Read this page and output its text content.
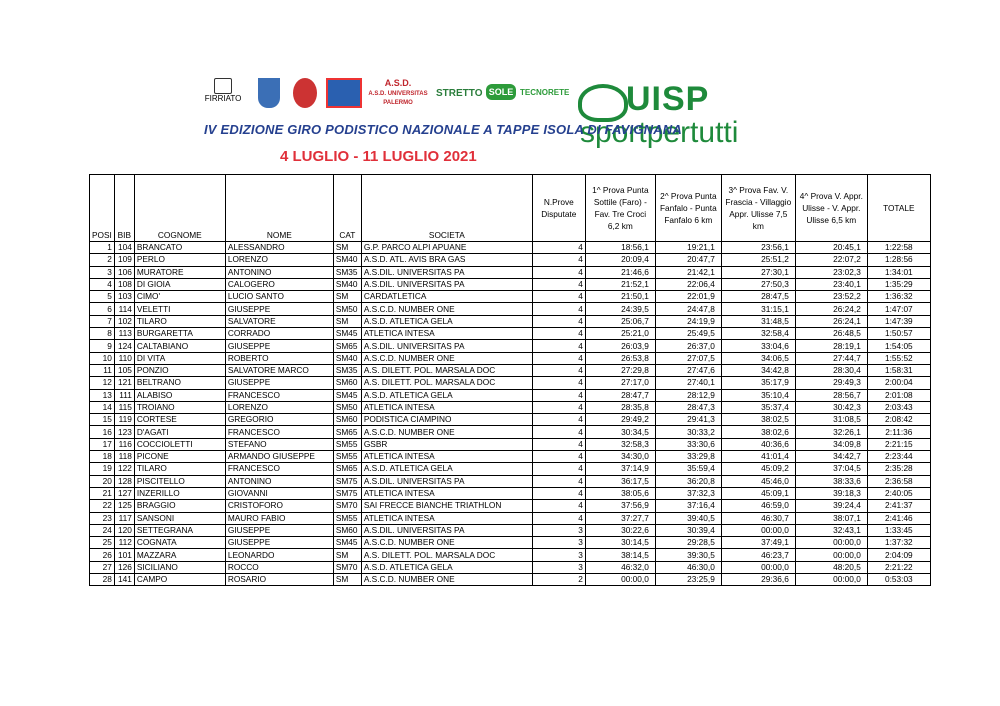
FIRRIATO
A.S.D.
A.S.D. UNIVERSITAS PALERMO
STRETTO SOLE TECNORETE UISP
sportpertutti
IV EDIZIONE GIRO PODISTICO NAZIONALE A TAPPE ISOLA DI FAVIGNANA
4 LUGLIO - 11 LUGLIO 2021
POSI	BIB	COGNOME	NOME	CAT	SOCIETA	N.Prove Disputate	1^ Prova Punta Sottile (Faro) - Fav. Tre Croci 6,2 km	2^ Prova Punta Fanfalo - Punta Fanfalo 6 km	3^ Prova Fav. V. Frascia - Villaggio Appr. Ulisse 7,5 km	4^ Prova V. Appr. Ulisse - V. Appr. Ulisse 6,5 km	TOTALE
1	104	BRANCATO	ALESSANDRO	SM	G.P. PARCO ALPI APUANE	4	18:56,1	19:21,1	23:56,1	20:45,1	1:22:58
2	109	PERLO	LORENZO	SM40	A.S.D. ATL. AVIS BRA GAS	4	20:09,4	20:47,7	25:51,2	22:07,2	1:28:56
3	106	MURATORE	ANTONINO	SM35	A.S.DIL. UNIVERSITAS PA	4	21:46,6	21:42,1	27:30,1	23:02,3	1:34:01
4	108	DI GIOIA	CALOGERO	SM40	A.S.DIL. UNIVERSITAS PA	4	21:52,1	22:06,4	27:50,3	23:40,1	1:35:29
5	103	CIMO'	LUCIO SANTO	SM	CARDATLETICA	4	21:50,1	22:01,9	28:47,5	23:52,2	1:36:32
6	114	VELETTI	GIUSEPPE	SM50	A.S.C.D. NUMBER ONE	4	24:39,5	24:47,8	31:15,1	26:24,2	1:47:07
7	102	TILARO	SALVATORE	SM	A.S.D. ATLETICA GELA	4	25:06,7	24:19,9	31:48,5	26:24,1	1:47:39
8	113	BURGARETTA	CORRADO	SM45	ATLETICA INTESA	4	25:21,0	25:49,5	32:58,4	26:48,5	1:50:57
9	124	CALTABIANO	GIUSEPPE	SM65	A.S.DIL. UNIVERSITAS PA	4	26:03,9	26:37,0	33:04,6	28:19,1	1:54:05
10	110	DI VITA	ROBERTO	SM40	A.S.C.D. NUMBER ONE	4	26:53,8	27:07,5	34:06,5	27:44,7	1:55:52
11	105	PONZIO	SALVATORE MARCO	SM35	A.S. DILETT. POL. MARSALA DOC	4	27:29,8	27:47,6	34:42,8	28:30,4	1:58:31
12	121	BELTRANO	GIUSEPPE	SM60	A.S. DILETT. POL. MARSALA DOC	4	27:17,0	27:40,1	35:17,9	29:49,3	2:00:04
13	111	ALABISO	FRANCESCO	SM45	A.S.D. ATLETICA GELA	4	28:47,7	28:12,9	35:10,4	28:56,7	2:01:08
14	115	TROIANO	LORENZO	SM50	ATLETICA INTESA	4	28:35,8	28:47,3	35:37,4	30:42,3	2:03:43
15	119	CORTESE	GREGORIO	SM60	PODISTICA CIAMPINO	4	29:49,2	29:41,3	38:02,5	31:08,5	2:08:42
16	123	D'AGATI	FRANCESCO	SM65	A.S.C.D. NUMBER ONE	4	30:34,5	30:33,2	38:02,6	32:26,1	2:11:36
17	116	COCCIOLETTI	STEFANO	SM55	GSBR	4	32:58,3	33:30,6	40:36,6	34:09,8	2:21:15
18	118	PICONE	ARMANDO GIUSEPPE	SM55	ATLETICA INTESA	4	34:30,0	33:29,8	41:01,4	34:42,7	2:23:44
19	122	TILARO	FRANCESCO	SM65	A.S.D. ATLETICA GELA	4	37:14,9	35:59,4	45:09,2	37:04,5	2:35:28
20	128	PISCITELLO	ANTONINO	SM75	A.S.DIL. UNIVERSITAS PA	4	36:17,5	36:20,8	45:46,0	38:33,6	2:36:58
21	127	INZERILLO	GIOVANNI	SM75	ATLETICA INTESA	4	38:05,6	37:32,3	45:09,1	39:18,3	2:40:05
22	125	BRAGGIO	CRISTOFORO	SM70	SAI FRECCE BIANCHE TRIATHLON	4	37:56,9	37:16,4	46:59,0	39:24,4	2:41:37
23	117	SANSONI	MAURO FABIO	SM55	ATLETICA INTESA	4	37:27,7	39:40,5	46:30,7	38:07,1	2:41:46
24	120	SETTEGRANA	GIUSEPPE	SM60	A.S.DIL. UNIVERSITAS PA	3	30:22,6	30:39,4	00:00,0	32:43,1	1:33:45
25	112	COGNATA	GIUSEPPE	SM45	A.S.C.D. NUMBER ONE	3	30:14,5	29:28,5	37:49,1	00:00,0	1:37:32
26	101	MAZZARA	LEONARDO	SM	A.S. DILETT. POL. MARSALA DOC	3	38:14,5	39:30,5	46:23,7	00:00,0	2:04:09
27	126	SICILIANO	ROCCO	SM70	A.S.D. ATLETICA GELA	3	46:32,0	46:30,0	00:00,0	48:20,5	2:21:22
28	141	CAMPO	ROSARIO	SM	A.S.C.D. NUMBER ONE	2	00:00,0	23:25,9	29:36,6	00:00,0	0:53:03
